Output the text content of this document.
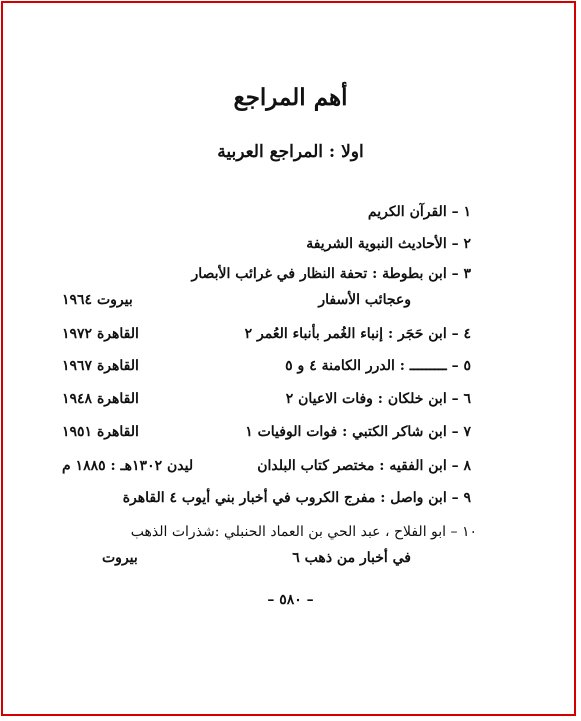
أهم المراجع
اولا : المراجع العربية
١ – القرآن الكريم
٢ – الأحاديث النبوية الشريفة
٣ – ابن بطوطة : تحفة النظار في غرائب الأبصار
وعجائب الأسفار
بيروت ١٩٦٤
٤ – ابن حَجَر : إنباء الغُمر بأنباء العُمر ٢
القاهرة ١٩٧٢
٥ – ـــــــــ : الدرر الكامنة ٤ و ٥
القاهرة ١٩٦٧
٦ – ابن خلكان : وفات الاعيان ٢
القاهرة ١٩٤٨
٧ – ابن شاكر الكتبي : فوات الوفيات ١
القاهرة ١٩٥١
٨ – ابن الفقيه : مختصر كتاب البلدان
ليدن ١٣٠٢هـ : ١٨٨٥ م
٩ – ابن واصل : مفرج الكروب في أخبار بني أيوب ٤ القاهرة
١٠ – ابو الفلاح ، عبد الحي بن العماد الحنبلي :شذرات الذهب
في أخبار من ذهب ٦
بيروت
– ٥٨٠ –
